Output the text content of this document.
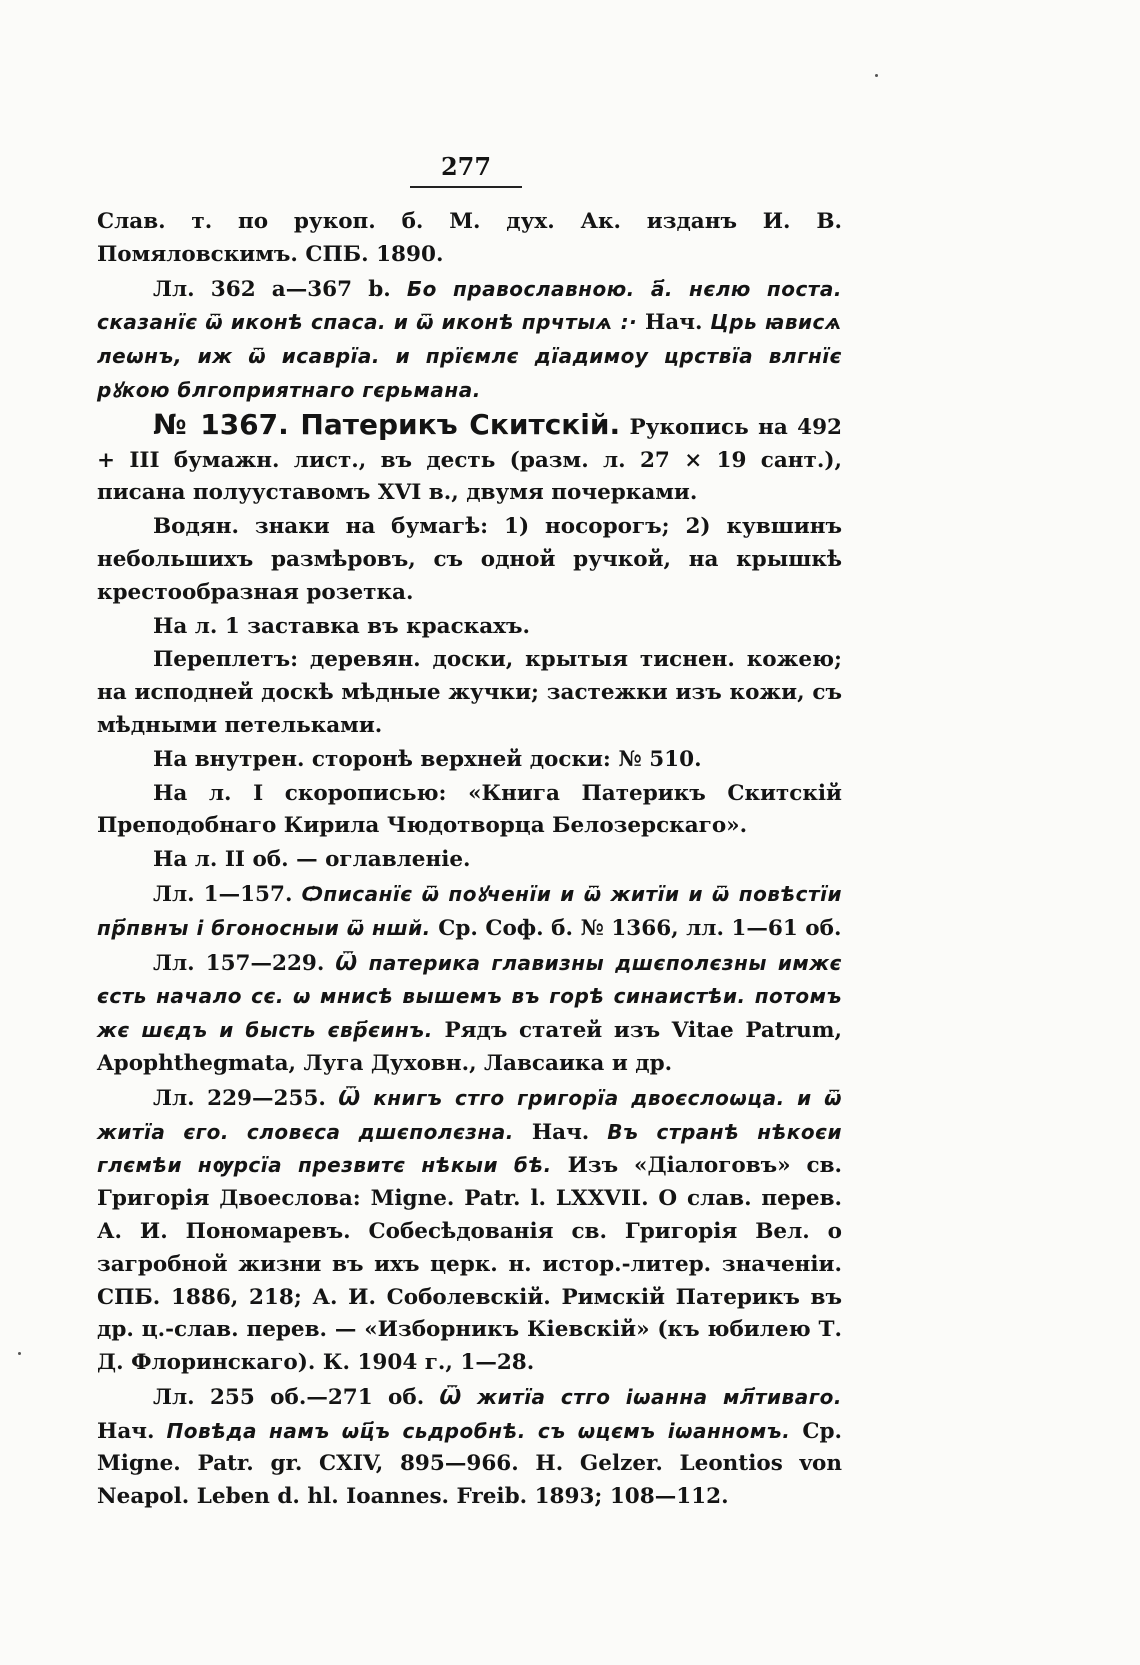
277
Слав. т. по рукоп. б. М. дух. Ак. изданъ И. В. Помяловскимъ. СПБ. 1890.
Лл. 362 а—367 b. Бо православною. а҃. нєлю поста. сказанїє ѿ иконѣ спаса. и ѿ иконѣ прчтыѧ :· Нач. Црь ꙗвисѧ леѡнъ, иж ѿ исаврїа. и прїємлє дїадимоу црствїа влгнїє рꙋкою блгоприятнаго гєрьмана.
№ 1367. Патерикъ Скитскій. Рукопись на 492 + III бумажн. лист., въ десть (разм. л. 27 × 19 сант.), писана полууставомъ XVI в., двумя почерками.
Водян. знаки на бумагѣ: 1) носорогъ; 2) кувшинъ небольшихъ размѣровъ, съ одной ручкой, на крышкѣ крестообразная розетка.
На л. 1 заставка въ краскахъ.
Переплетъ: деревян. доски, крытыя тиснен. кожею; на исподней доскѣ мѣдные жучки; застежки изъ кожи, съ мѣдными петельками.
На внутрен. сторонѣ верхней доски: № 510.
На л. I скорописью: «Книга Патерикъ Скитскій Преподобнаго Кирила Чюдотворца Белозерскаго».
На л. II об. — оглавленіе.
Лл. 1—157. Ѻписанїє ѿ поꙋченїи и ѿ житїи и ѿ повѣстїи пр҃пвнꙑ і бгоносныи ѿ ншй. Ср. Соф. б. № 1366, лл. 1—61 об.
Лл. 157—229. Ѿ патерика главизны дшєполєзны имжє єсть начало сє. ѡ мнисѣ вышемъ въ горѣ синаистѣи. потомъ жє шєдъ и бысть євр҃єинъ. Рядъ статей изъ Vitae Patrum, Apophthegmata, Луга Духовн., Лавсаика и др.
Лл. 229—255. Ѿ книгъ стго григорїа двоєслоѡца. и ѿ житїа єго. словєса дшєполєзна. Нач. Въ странѣ нѣкоєи глємѣи нѹрсїа презвитє нѣкыи бѣ. Изъ «Діалоговъ» св. Григорія Двоеслова: Migne. Patr. l. LXXVII. О слав. перев. А. И. Пономаревъ. Собесѣдованія св. Григорія Вел. о загробной жизни въ ихъ церк. н. истор.-литер. значеніи. СПБ. 1886, 218; А. И. Соболевскій. Римскій Патерикъ въ др. ц.-слав. перев. — «Изборникъ Кіевскій» (къ юбилею Т. Д. Флоринскаго). К. 1904 г., 1—28.
Лл. 255 об.—271 об. Ѿ житїа стго іѡанна мл҃тиваго. Нач. Повѣда намъ ѡц҃ъ сьдробнѣ. съ ѡцємъ іѡанномъ. Ср. Migne. Patr. gr. CXIV, 895—966. H. Gelzer. Leontios von Neapol. Leben d. hl. Ioannes. Freib. 1893; 108—112.
